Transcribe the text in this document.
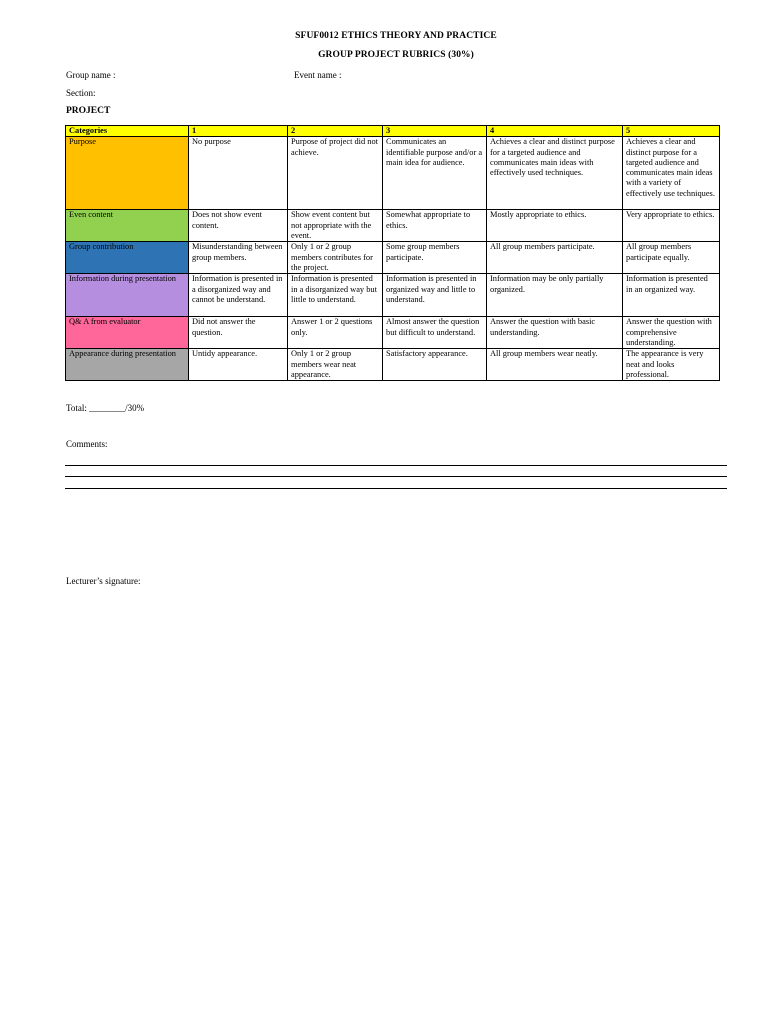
SFUF0012 ETHICS THEORY AND PRACTICE
GROUP PROJECT RUBRICS (30%)
Group name :	Event name :
Section:
PROJECT
Categories	1	2	3	4	5
Purpose	No purpose	Purpose of project did not achieve.	Communicates an identifiable purpose and/or a main idea for audience.	Achieves a clear and distinct purpose for a targeted audience and communicates main ideas with effectively used techniques.	Achieves a clear and distinct purpose for a targeted audience and communicates main ideas with a variety of effectively use techniques.
Even content	Does not show event content.	Show event content but not appropriate with the event.	Somewhat appropriate to ethics.	Mostly appropriate to ethics.	Very appropriate to ethics.
Group contribution	Misunderstanding between group members.	Only 1 or 2 group members contributes for the project.	Some group members participate.	All group members participate.	All group members participate equally.
Information during presentation	Information is presented in a disorganized way and cannot be understand.	Information is presented in a disorganized way but little to understand.	Information is presented in organized way and little to understand.	Information may be only partially organized.	Information is presented in an organized way.
Q& A from evaluator	Did not answer the question.	Answer 1 or 2 questions only.	Almost answer the question but difficult to understand.	Answer the question with basic understanding.	Answer the question with comprehensive understanding.
Appearance during presentation	Untidy appearance.	Only 1 or 2 group members wear neat appearance.	Satisfactory appearance.	All group members wear neatly.	The appearance is very neat and looks professional.
Total: ________/30%
Comments:
Lecturer’s signature:
